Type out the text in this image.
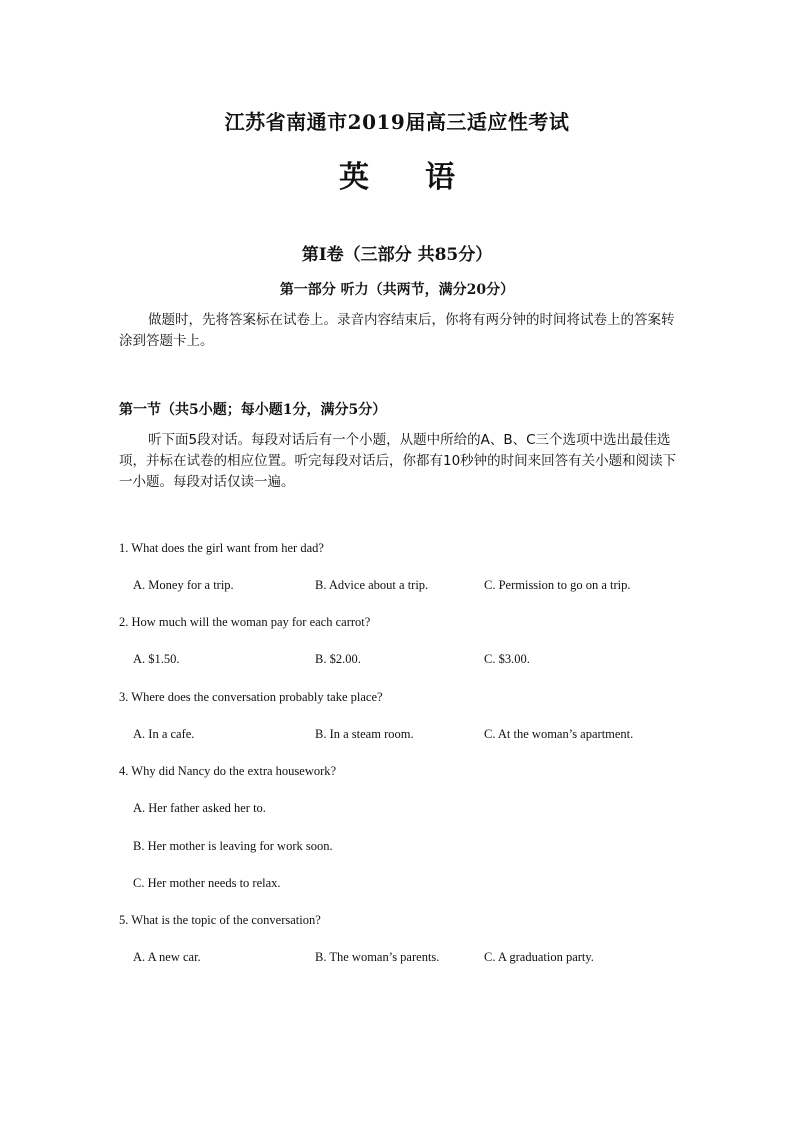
江苏省南通市2019届高三适应性考试
英 语
第Ⅰ卷（三部分 共85分）
第一部分 听力（共两节，满分20分）
做题时，先将答案标在试卷上。录音内容结束后，你将有两分钟的时间将试卷上的答案转涂到答题卡上。
第一节（共5小题；每小题1分，满分5分）
听下面5段对话。每段对话后有一个小题，从题中所给的A、B、C三个选项中选出最佳选项，并标在试卷的相应位置。听完每段对话后，你都有10秒钟的时间来回答有关小题和阅读下一小题。每段对话仅读一遍。
1. What does the girl want from her dad?
A. Money for a trip.	B. Advice about a trip.	C. Permission to go on a trip.
2. How much will the woman pay for each carrot?
A. $1.50.	B. $2.00.	C. $3.00.
3. Where does the conversation probably take place?
A. In a cafe.	B. In a steam room.	C. At the woman’s apartment.
4. Why did Nancy do the extra housework?
A. Her father asked her to.
B. Her mother is leaving for work soon.
C. Her mother needs to relax.
5. What is the topic of the conversation?
A. A new car.	B. The woman’s parents.	C. A graduation party.
